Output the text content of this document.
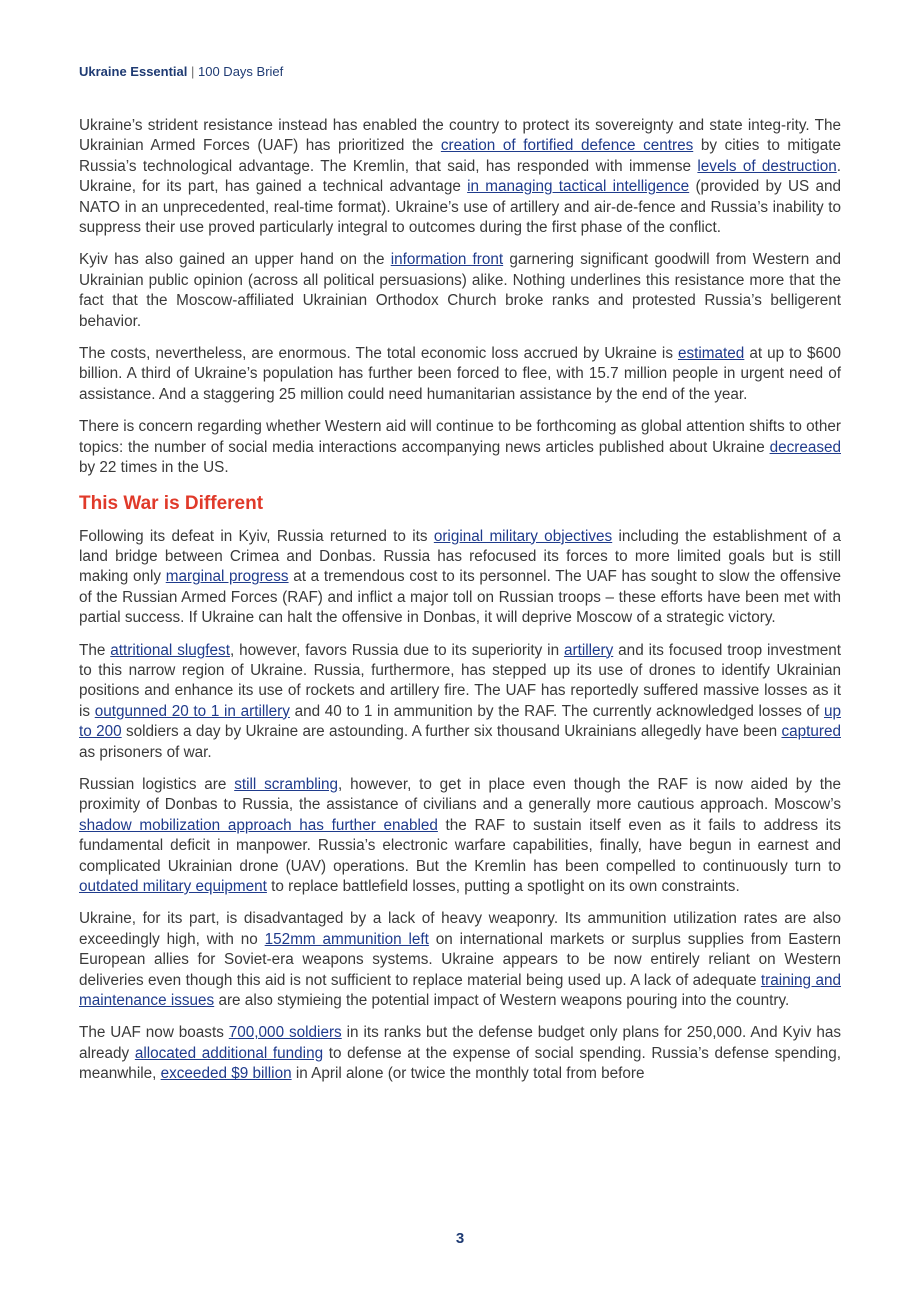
Ukraine Essential | 100 Days Brief

Ukraine’s strident resistance instead has enabled the country to protect its sovereignty and state integ-rity. The Ukrainian Armed Forces (UAF) has prioritized the creation of fortified defence centres by cities to mitigate Russia’s technological advantage. The Kremlin, that said, has responded with immense levels of destruction. Ukraine, for its part, has gained a technical advantage in managing tactical intelligence (provided by US and NATO in an unprecedented, real-time format). Ukraine’s use of artillery and air-de-fence and Russia’s inability to suppress their use proved particularly integral to outcomes during the first phase of the conflict.

Kyiv has also gained an upper hand on the information front garnering significant goodwill from Western and Ukrainian public opinion (across all political persuasions) alike. Nothing underlines this resistance more that the fact that the Moscow-affiliated Ukrainian Orthodox Church broke ranks and protested Russia’s belligerent behavior.

The costs, nevertheless, are enormous. The total economic loss accrued by Ukraine is estimated at up to $600 billion. A third of Ukraine’s population has further been forced to flee, with 15.7 million people in urgent need of assistance. And a staggering 25 million could need humanitarian assistance by the end of the year.

There is concern regarding whether Western aid will continue to be forthcoming as global attention shifts to other topics: the number of social media interactions accompanying news articles published about Ukraine decreased by 22 times in the US.

This War is Different

Following its defeat in Kyiv, Russia returned to its original military objectives including the establishment of a land bridge between Crimea and Donbas. Russia has refocused its forces to more limited goals but is still making only marginal progress at a tremendous cost to its personnel. The UAF has sought to slow the offensive of the Russian Armed Forces (RAF) and inflict a major toll on Russian troops – these efforts have been met with partial success. If Ukraine can halt the offensive in Donbas, it will deprive Moscow of a strategic victory.

The attritional slugfest, however, favors Russia due to its superiority in artillery and its focused troop investment to this narrow region of Ukraine. Russia, furthermore, has stepped up its use of drones to identify Ukrainian positions and enhance its use of rockets and artillery fire. The UAF has reportedly suffered massive losses as it is outgunned 20 to 1 in artillery and 40 to 1 in ammunition by the RAF. The currently acknowledged losses of up to 200 soldiers a day by Ukraine are astounding. A further six thousand Ukrainians allegedly have been captured as prisoners of war.

Russian logistics are still scrambling, however, to get in place even though the RAF is now aided by the proximity of Donbas to Russia, the assistance of civilians and a generally more cautious approach. Moscow’s shadow mobilization approach has further enabled the RAF to sustain itself even as it fails to address its fundamental deficit in manpower. Russia’s electronic warfare capabilities, finally, have begun in earnest and complicated Ukrainian drone (UAV) operations. But the Kremlin has been compelled to continuously turn to outdated military equipment to replace battlefield losses, putting a spotlight on its own constraints.

Ukraine, for its part, is disadvantaged by a lack of heavy weaponry. Its ammunition utilization rates are also exceedingly high, with no 152mm ammunition left on international markets or surplus supplies from Eastern European allies for Soviet-era weapons systems. Ukraine appears to be now entirely reliant on Western deliveries even though this aid is not sufficient to replace material being used up. A lack of adequate training and maintenance issues are also stymieing the potential impact of Western weapons pouring into the country.

The UAF now boasts 700,000 soldiers in its ranks but the defense budget only plans for 250,000. And Kyiv has already allocated additional funding to defense at the expense of social spending. Russia’s defense spending, meanwhile, exceeded $9 billion in April alone (or twice the monthly total from before

3
